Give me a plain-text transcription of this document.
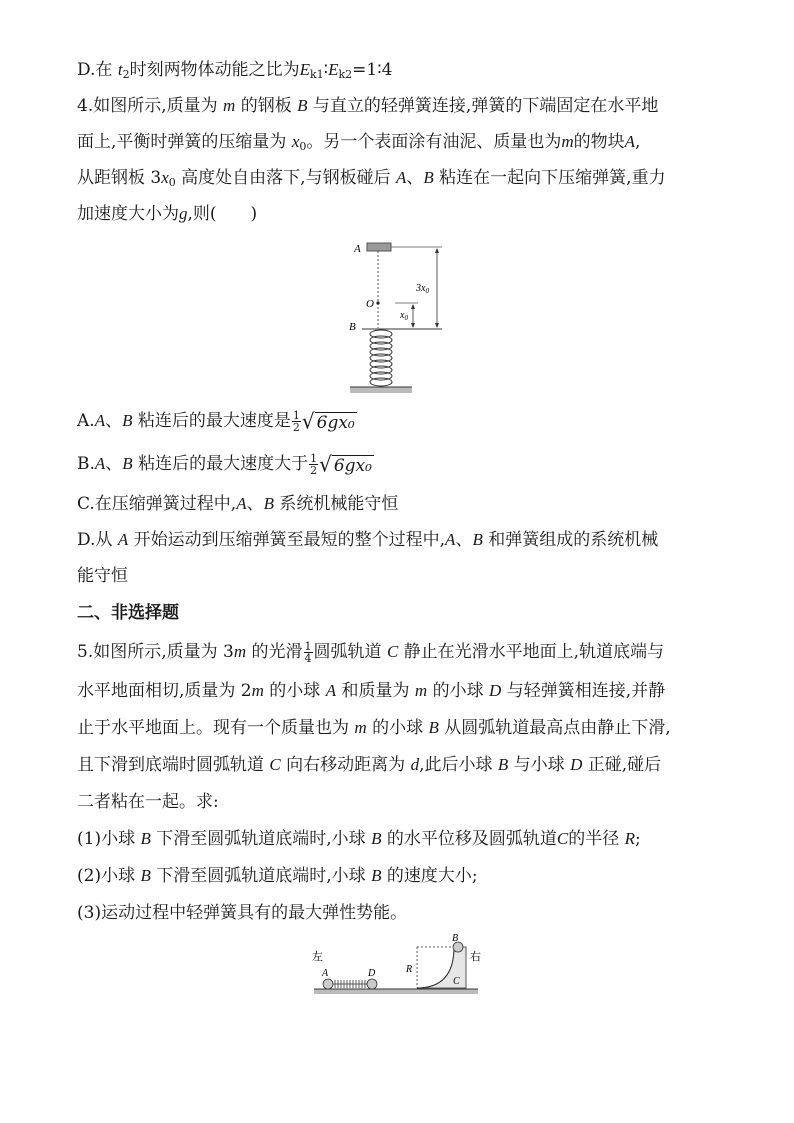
D.在 $t_2$时刻两物体动能之比为$E_{k1}∶E_{k2}=1∶4$
4.如图所示,质量为 m 的钢板 B 与直立的轻弹簧连接,弹簧的下端固定在水平地
面上,平衡时弹簧的压缩量为 $x_0$。另一个表面涂有油泥、质量也为m的物块A,
从距钢板 $3x_0$ 高度处自由落下,与钢板碰后 A、B 粘连在一起向下压缩弹簧,重力
加速度大小为g,则(　　)
A
O
B
$3x_0$
$x_0$
A.A、B 粘连后的最大速度是 $\frac{1}{2}$ √ 6gx₀
B.A、B 粘连后的最大速度大于 $\frac{1}{2}$ √ 6gx₀
C.在压缩弹簧过程中,A、B 系统机械能守恒
D.从 A 开始运动到压缩弹簧至最短的整个过程中,A、B 和弹簧组成的系统机械
能守恒
二、非选择题
5.如图所示,质量为 3m 的光滑 $\frac{1}{4}$ 圆弧轨道 C 静止在光滑水平地面上,轨道底端与
水平地面相切,质量为 2m 的小球 A 和质量为 m 的小球 D 与轻弹簧相连接,并静
止于水平地面上。现有一个质量也为 m 的小球 B 从圆弧轨道最高点由静止下滑,
且下滑到底端时圆弧轨道 C 向右移动距离为 d,此后小球 B 与小球 D 正碰,碰后
二者粘在一起。求:
(1)小球 B 下滑至圆弧轨道底端时,小球 B 的水平位移及圆弧轨道C的半径 R;
(2)小球 B 下滑至圆弧轨道底端时,小球 B 的速度大小;
(3)运动过程中轻弹簧具有的最大弹性势能。
左	右
A	D	R
B
C
